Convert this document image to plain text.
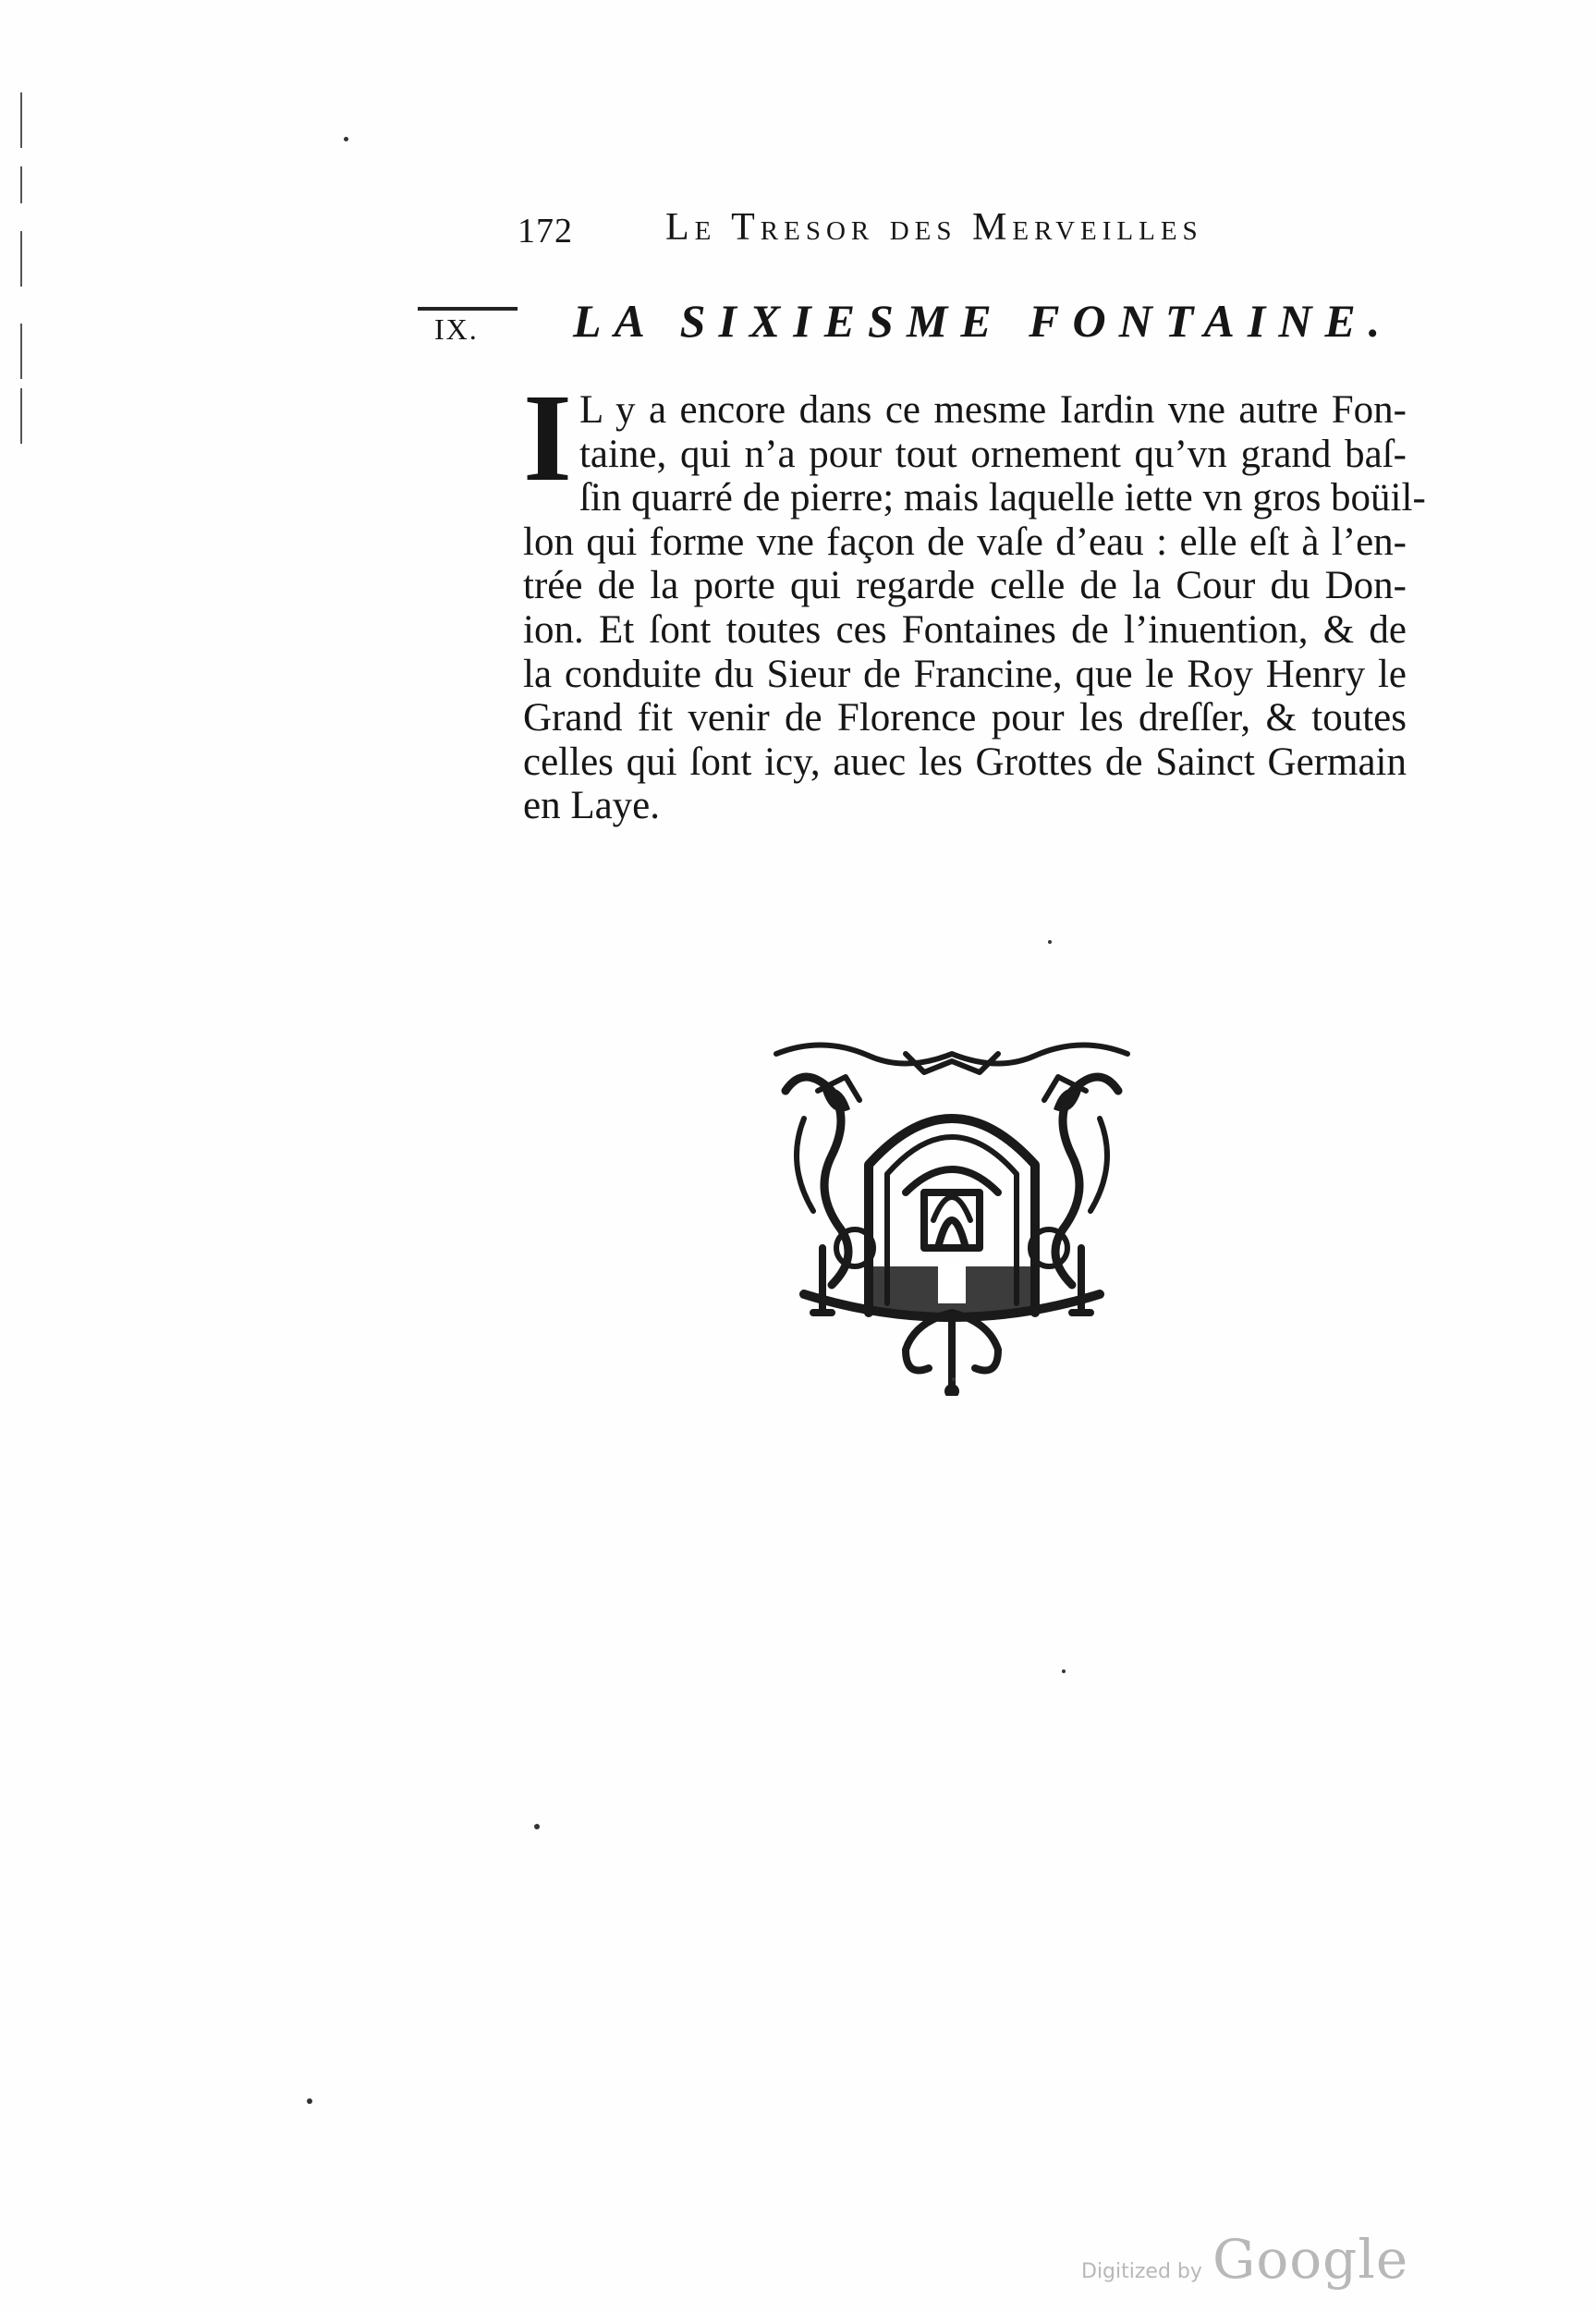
172 Le Tresor des Merveilles
IX. LA SIXIESME FONTAINE.
I L y a encore dans ce mesme Iardin vne autre Fon-
taine, qui n’a pour tout ornement qu’vn grand baſ-
ſin quarré de pierre; mais laquelle iette vn gros boüil-
lon qui forme vne façon de vaſe d’eau : elle eſt à l’en-
trée de la porte qui regarde celle de la Cour du Don-
ion. Et ſont toutes ces Fontaines de l’inuention, & de
la conduite du Sieur de Francine, que le Roy Henry le
Grand fit venir de Florence pour les dreſſer, & toutes
celles qui ſont icy, auec les Grottes de Sainct Germain
en Laye.
Digitized by Google
